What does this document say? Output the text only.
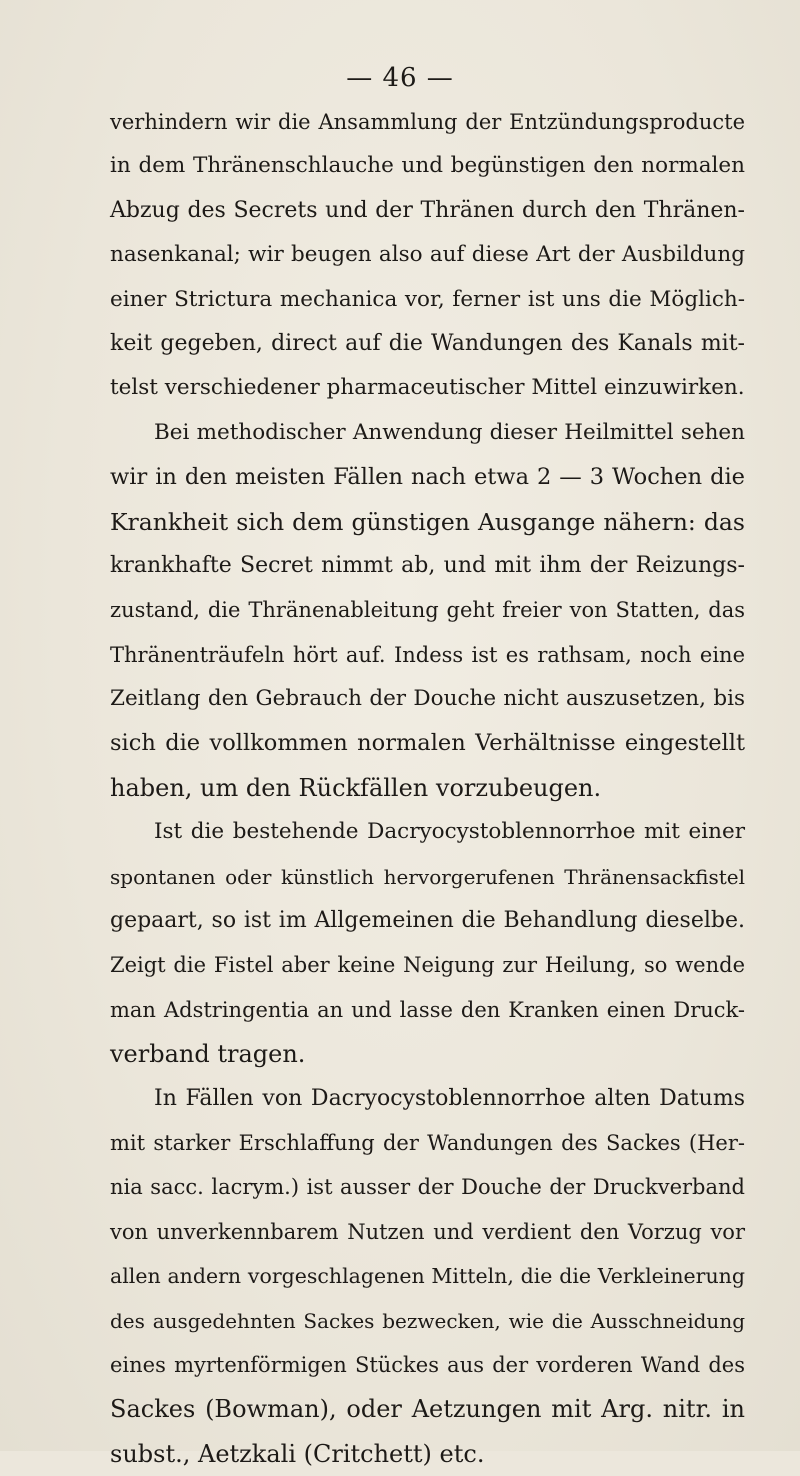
— 46 —
verhindern wir die Ansammlung der Entzündungsproducte
in dem Thränenschlauche und begünstigen den normalen
Abzug des Secrets und der Thränen durch den Thränen-
nasenkanal; wir beugen also auf diese Art der Ausbildung
einer Strictura mechanica vor, ferner ist uns die Möglich-
keit gegeben, direct auf die Wandungen des Kanals mit-
telst verschiedener pharmaceutischer Mittel einzuwirken.
Bei methodischer Anwendung dieser Heilmittel sehen
wir in den meisten Fällen nach etwa 2 — 3 Wochen die
Krankheit sich dem günstigen Ausgange nähern: das
krankhafte Secret nimmt ab, und mit ihm der Reizungs-
zustand, die Thränenableitung geht freier von Statten, das
Thränenträufeln hört auf. Indess ist es rathsam, noch eine
Zeitlang den Gebrauch der Douche nicht auszusetzen, bis
sich die vollkommen normalen Verhältnisse eingestellt
haben, um den Rückfällen vorzubeugen.
Ist die bestehende Dacryocystoblennorrhoe mit einer
spontanen oder künstlich hervorgerufenen Thränensackfistel
gepaart, so ist im Allgemeinen die Behandlung dieselbe.
Zeigt die Fistel aber keine Neigung zur Heilung, so wende
man Adstringentia an und lasse den Kranken einen Druck-
verband tragen.
In Fällen von Dacryocystoblennorrhoe alten Datums
mit starker Erschlaffung der Wandungen des Sackes (Her-
nia sacc. lacrym.) ist ausser der Douche der Druckverband
von unverkennbarem Nutzen und verdient den Vorzug vor
allen andern vorgeschlagenen Mitteln, die die Verkleinerung
des ausgedehnten Sackes bezwecken, wie die Ausschneidung
eines myrtenförmigen Stückes aus der vorderen Wand des
Sackes (Bowman), oder Aetzungen mit Arg. nitr. in
subst., Aetzkali (Critchett) etc.
